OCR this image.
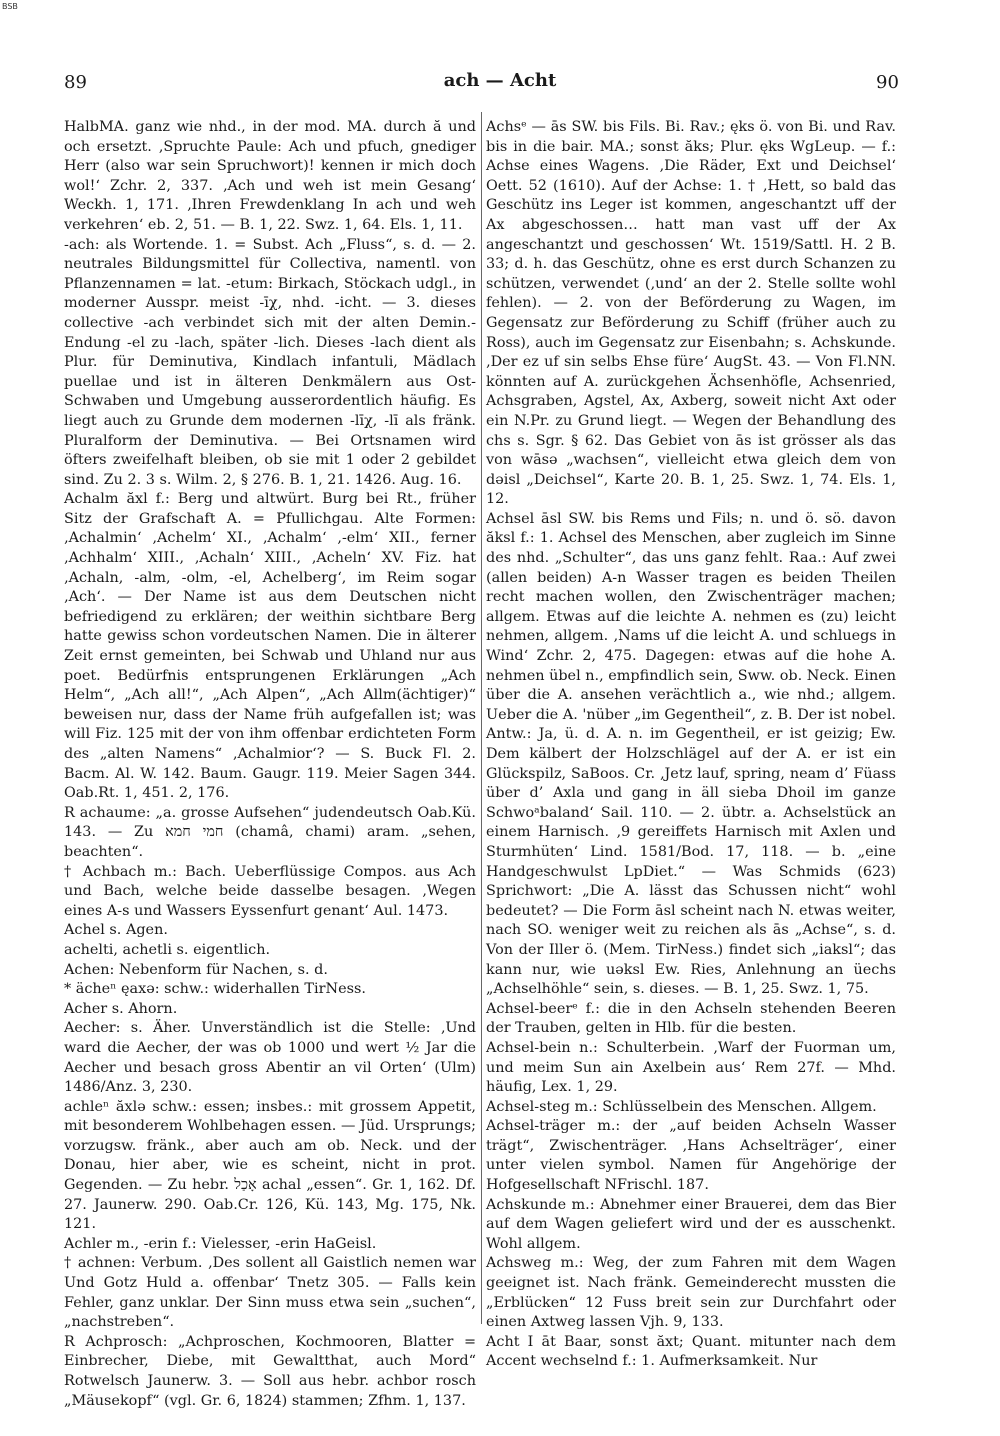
BSB
89	ach — Acht	90

HalbMA. ganz wie nhd., in der mod. MA. durch ă und och ersetzt. ‚Spruchte Paule: Ach und pfuch, gnediger Herr (also war sein Spruchwort)! kennen ir mich doch wol!‘ Zchr. 2, 337. ‚Ach und weh ist mein Gesang‘ Weckh. 1, 171. ‚Ihren Frewdenklang In ach und weh verkehren‘ eb. 2, 51. — B. 1, 22. Swz. 1, 64. Els. 1, 11.

-ach: als Wortende. 1. = Subst. Ach „Fluss“, s. d. — 2. neutrales Bildungsmittel für Collectiva, namentl. von Pflanzennamen = lat. -etum: Birkach, Stöckach udgl., in moderner Ausspr. meist -īχ, nhd. -icht. — 3. dieses collective -ach verbindet sich mit der alten Demin.-Endung -el zu -lach, später -lich. Dieses -lach dient als Plur. für Deminutiva, Kindlach infantuli, Mädlach puellae und ist in älteren Denkmälern aus Ost-Schwaben und Umgebung ausserordentlich häufig. Es liegt auch zu Grunde dem modernen -līχ, -lī als fränk. Pluralform der Deminutiva. — Bei Ortsnamen wird öfters zweifelhaft bleiben, ob sie mit 1 oder 2 gebildet sind. Zu 2. 3 s. Wilm. 2, § 276. B. 1, 21. 1426. Aug. 16.

Achalm ăxl f.: Berg und altwürt. Burg bei Rt., früher Sitz der Grafschaft A. = Pfullichgau. Alte Formen: ‚Achalmin‘ ‚Achelm‘ XI., ‚Achalm‘ ,-elm‘ XII., ferner ‚Achhalm‘ XIII., ‚Achaln‘ XIII., ‚Acheln‘ XV. Fiz. hat ‚Achaln, -alm, -olm, -el, Achelberg‘, im Reim sogar ‚Ach‘. — Der Name ist aus dem Deutschen nicht befriedigend zu erklären; der weithin sichtbare Berg hatte gewiss schon vordeutschen Namen. Die in älterer Zeit ernst gemeinten, bei Schwab und Uhland nur aus poet. Bedürfnis entsprungenen Erklärungen „Ach Helm“, „Ach all!“, „Ach Alpen“, „Ach Allm(ächtiger)“ beweisen nur, dass der Name früh aufgefallen ist; was will Fiz. 125 mit der von ihm offenbar erdichteten Form des „alten Namens“ ‚Achalmior‘? — S. Buck Fl. 2. Bacm. Al. W. 142. Baum. Gaugr. 119. Meier Sagen 344. Oab.Rt. 1, 451. 2, 176.

R achaume: „a. grosse Aufsehen“ judendeutsch Oab.Kü. 143. — Zu חמי חמא (chamâ, chami) aram. „sehen, beachten“.

† Achbach m.: Bach. Ueberflüssige Compos. aus Ach und Bach, welche beide dasselbe besagen. ‚Wegen eines A-s und Wassers Eyssenfurt genant‘ Aul. 1473.

Achel s. Agen.

achelti, achetli s. eigentlich.

Achen: Nebenform für Nachen, s. d.

* ächeⁿ ęaxə: schw.: widerhallen TirNess.

Acher s. Ahorn.

Aecher: s. Äher. Unverständlich ist die Stelle: ‚Und ward die Aecher, der was ob 1000 und wert ½ Jar die Aecher und besach gross Abentir an vil Orten‘ (Ulm) 1486/Anz. 3, 230.

achleⁿ ăxlə schw.: essen; insbes.: mit grossem Appetit, mit besonderem Wohlbehagen essen. — Jüd. Ursprungs; vorzugsw. fränk., aber auch am ob. Neck. und der Donau, hier aber, wie es scheint, nicht in prot. Gegenden. — Zu hebr. אָכַל achal „essen“. Gr. 1, 162. Df. 27. Jaunerw. 290. Oab.Cr. 126, Kü. 143, Mg. 175, Nk. 121.

Achler m., -erin f.: Vielesser, -erin HaGeisl.

† achnen: Verbum. ‚Des sollent all Gaistlich nemen war Und Gotz Huld a. offenbar‘ Tnetz 305. — Falls kein Fehler, ganz unklar. Der Sinn muss etwa sein „suchen“, „nachstreben“.

R Achprosch: „Achproschen, Kochmooren, Blatter = Einbrecher, Diebe, mit Gewaltthat, auch Mord“ Rotwelsch Jaunerw. 3. — Soll aus hebr. achbor rosch „Mäusekopf“ (vgl. Gr. 6, 1824) stammen; Zfhm. 1, 137.

Achsᵉ — ās SW. bis Fils. Bi. Rav.; ęks ö. von Bi. und Rav. bis in die bair. MA.; sonst ăks; Plur. ęks WgLeup. — f.: Achse eines Wagens. ‚Die Räder, Ext und Deichsel‘ Oett. 52 (1610). Auf der Achse: 1. † ‚Hett, so bald das Geschütz ins Leger ist kommen, angeschantzt uff der Ax abgeschossen… hatt man vast uff der Ax angeschantzt und geschossen‘ Wt. 1519/Sattl. H. 2 B. 33; d. h. das Geschütz, ohne es erst durch Schanzen zu schützen, verwendet (‚und‘ an der 2. Stelle sollte wohl fehlen). — 2. von der Beförderung zu Wagen, im Gegensatz zur Beförderung zu Schiff (früher auch zu Ross), auch im Gegensatz zur Eisenbahn; s. Achskunde. ‚Der ez uf sin selbs Ehse füre‘ AugSt. 43. — Von Fl.NN. könnten auf A. zurückgehen Ächsenhöfle, Achsenried, Achsgraben, Agstel, Ax, Axberg, soweit nicht Axt oder ein N.Pr. zu Grund liegt. — Wegen der Behandlung des chs s. Sgr. § 62. Das Gebiet von ās ist grösser als das von wāsə „wachsen“, vielleicht etwa gleich dem von dəisl „Deichsel“, Karte 20. B. 1, 25. Swz. 1, 74. Els. 1, 12.

Achsel āsl SW. bis Rems und Fils; n. und ö. sö. davon ăksl f.: 1. Achsel des Menschen, aber zugleich im Sinne des nhd. „Schulter“, das uns ganz fehlt. Raa.: Auf zwei (allen beiden) A-n Wasser tragen es beiden Theilen recht machen wollen, den Zwischenträger machen; allgem. Etwas auf die leichte A. nehmen es (zu) leicht nehmen, allgem. ‚Nams uf die leicht A. und schluegs in Wind‘ Zchr. 2, 475. Dagegen: etwas auf die hohe A. nehmen übel n., empfindlich sein, Sww. ob. Neck. Einen über die A. ansehen verächtlich a., wie nhd.; allgem. Ueber die A. 'nüber „im Gegentheil“, z. B. Der ist nobel. Antw.: Ja, ü. d. A. n. im Gegentheil, er ist geizig; Ew. Dem kälbert der Holzschlägel auf der A. er ist ein Glückspilz, SaBoos. Cr. ‚Jetz lauf, spring, neam d’ Füass über d’ Axla und gang in äll sieba Dhoil im ganze Schwoᵃbaland‘ Sail. 110. — 2. übtr. a. Achselstück an einem Harnisch. ‚9 gereiffets Harnisch mit Axlen und Sturmhüten‘ Lind. 1581/Bod. 17, 118. — b. „eine Handgeschwulst LpDiet.“ — Was Schmids (623) Sprichwort: „Die A. lässt das Schussen nicht“ wohl bedeutet? — Die Form āsl scheint nach N. etwas weiter, nach SO. weniger weit zu reichen als ās „Achse“, s. d. Von der Iller ö. (Mem. TirNess.) findet sich „iaksl“; das kann nur, wie uəksl Ew. Ries, Anlehnung an üechs „Achselhöhle“ sein, s. dieses. — B. 1, 25. Swz. 1, 75.

Achsel-beerᵉ f.: die in den Achseln stehenden Beeren der Trauben, gelten in Hlb. für die besten.

Achsel-bein n.: Schulterbein. ‚Warf der Fuorman um, und meim Sun ain Axelbein aus‘ Rem 27f. — Mhd. häufig, Lex. 1, 29.

Achsel-steg m.: Schlüsselbein des Menschen. Allgem.

Achsel-träger m.: der „auf beiden Achseln Wasser trägt“, Zwischenträger. ‚Hans Achselträger‘, einer unter vielen symbol. Namen für Angehörige der Hofgesellschaft NFrischl. 187.

Achskunde m.: Abnehmer einer Brauerei, dem das Bier auf dem Wagen geliefert wird und der es ausschenkt. Wohl allgem.

Achsweg m.: Weg, der zum Fahren mit dem Wagen geeignet ist. Nach fränk. Gemeinderecht mussten die „Erblücken“ 12 Fuss breit sein zur Durchfahrt oder einen Axtweg lassen Vjh. 9, 133.

Acht I āt Baar, sonst ăxt; Quant. mitunter nach dem Accent wechselnd f.: 1. Aufmerksamkeit. Nur
